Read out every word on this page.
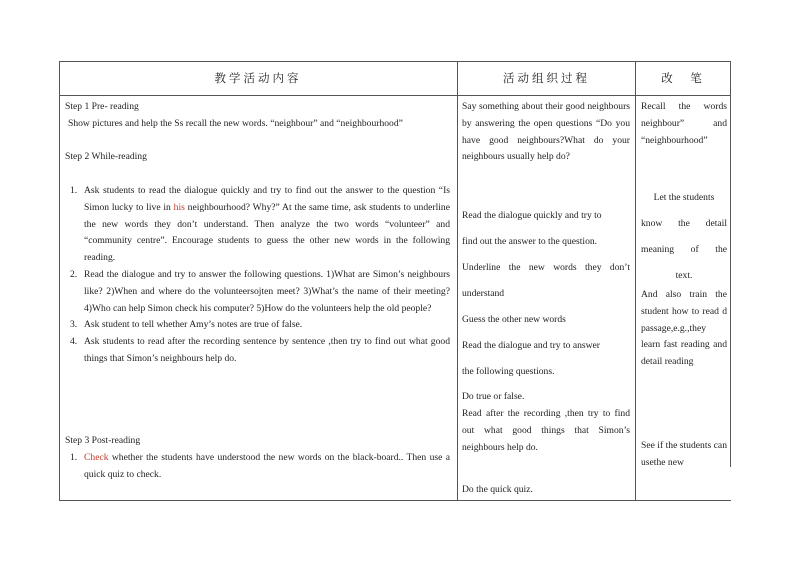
教学活动内容	活动组织过程	改　笔

Step 1 Pre- reading

Show pictures and help the Ss recall the new words. “neighbour” and “neighbourhood”

Step 2 While-reading

1. Ask students to read the dialogue quickly and try to find out the answer to the question “Is Simon lucky to live in his neighbourhood? Why?” At the same time, ask students to underline the new words they don’t understand. Then analyze the two words “volunteer” and “community centre”. Encourage students to guess the other new words in the following reading.
2. Read the dialogue and try to answer the following questions. 1)What are Simon’s neighbours like? 2)When and where do the volunteersojten meet? 3)What’s the name of their meeting? 4)Who can help Simon check his computer? 5)How do the volunteers help the old people?
3. Ask student to tell whether Amy’s notes are true of false.
4. Ask students to read after the recording sentence by sentence ,then try to find out what good things that Simon’s neighbours help do.

Step 3 Post-reading

1. Check whether the students have understood the new words on the black-board.. Then use a quick quiz to check.
Say something about their good neighbours by answering the open questions “Do you have good neighbours?What do your neighbours usually help do?
Read the dialogue quickly and try to
find out the answer to the question.
Underline the new words they don’t
understand
Guess the other new words
Read the dialogue and try to answer
the following questions.
Do true or false.
Read after the recording ,then try to find out what good things that Simon’s neighbours help do.
Do the quick quiz.
Recall the words neighbour” and “neighbourhood”
Let the students
know the detail
meaning of the
text.
And also train the student how to read d passage,e.g.,they learn fast reading and detail reading
See if the students can usethe new
